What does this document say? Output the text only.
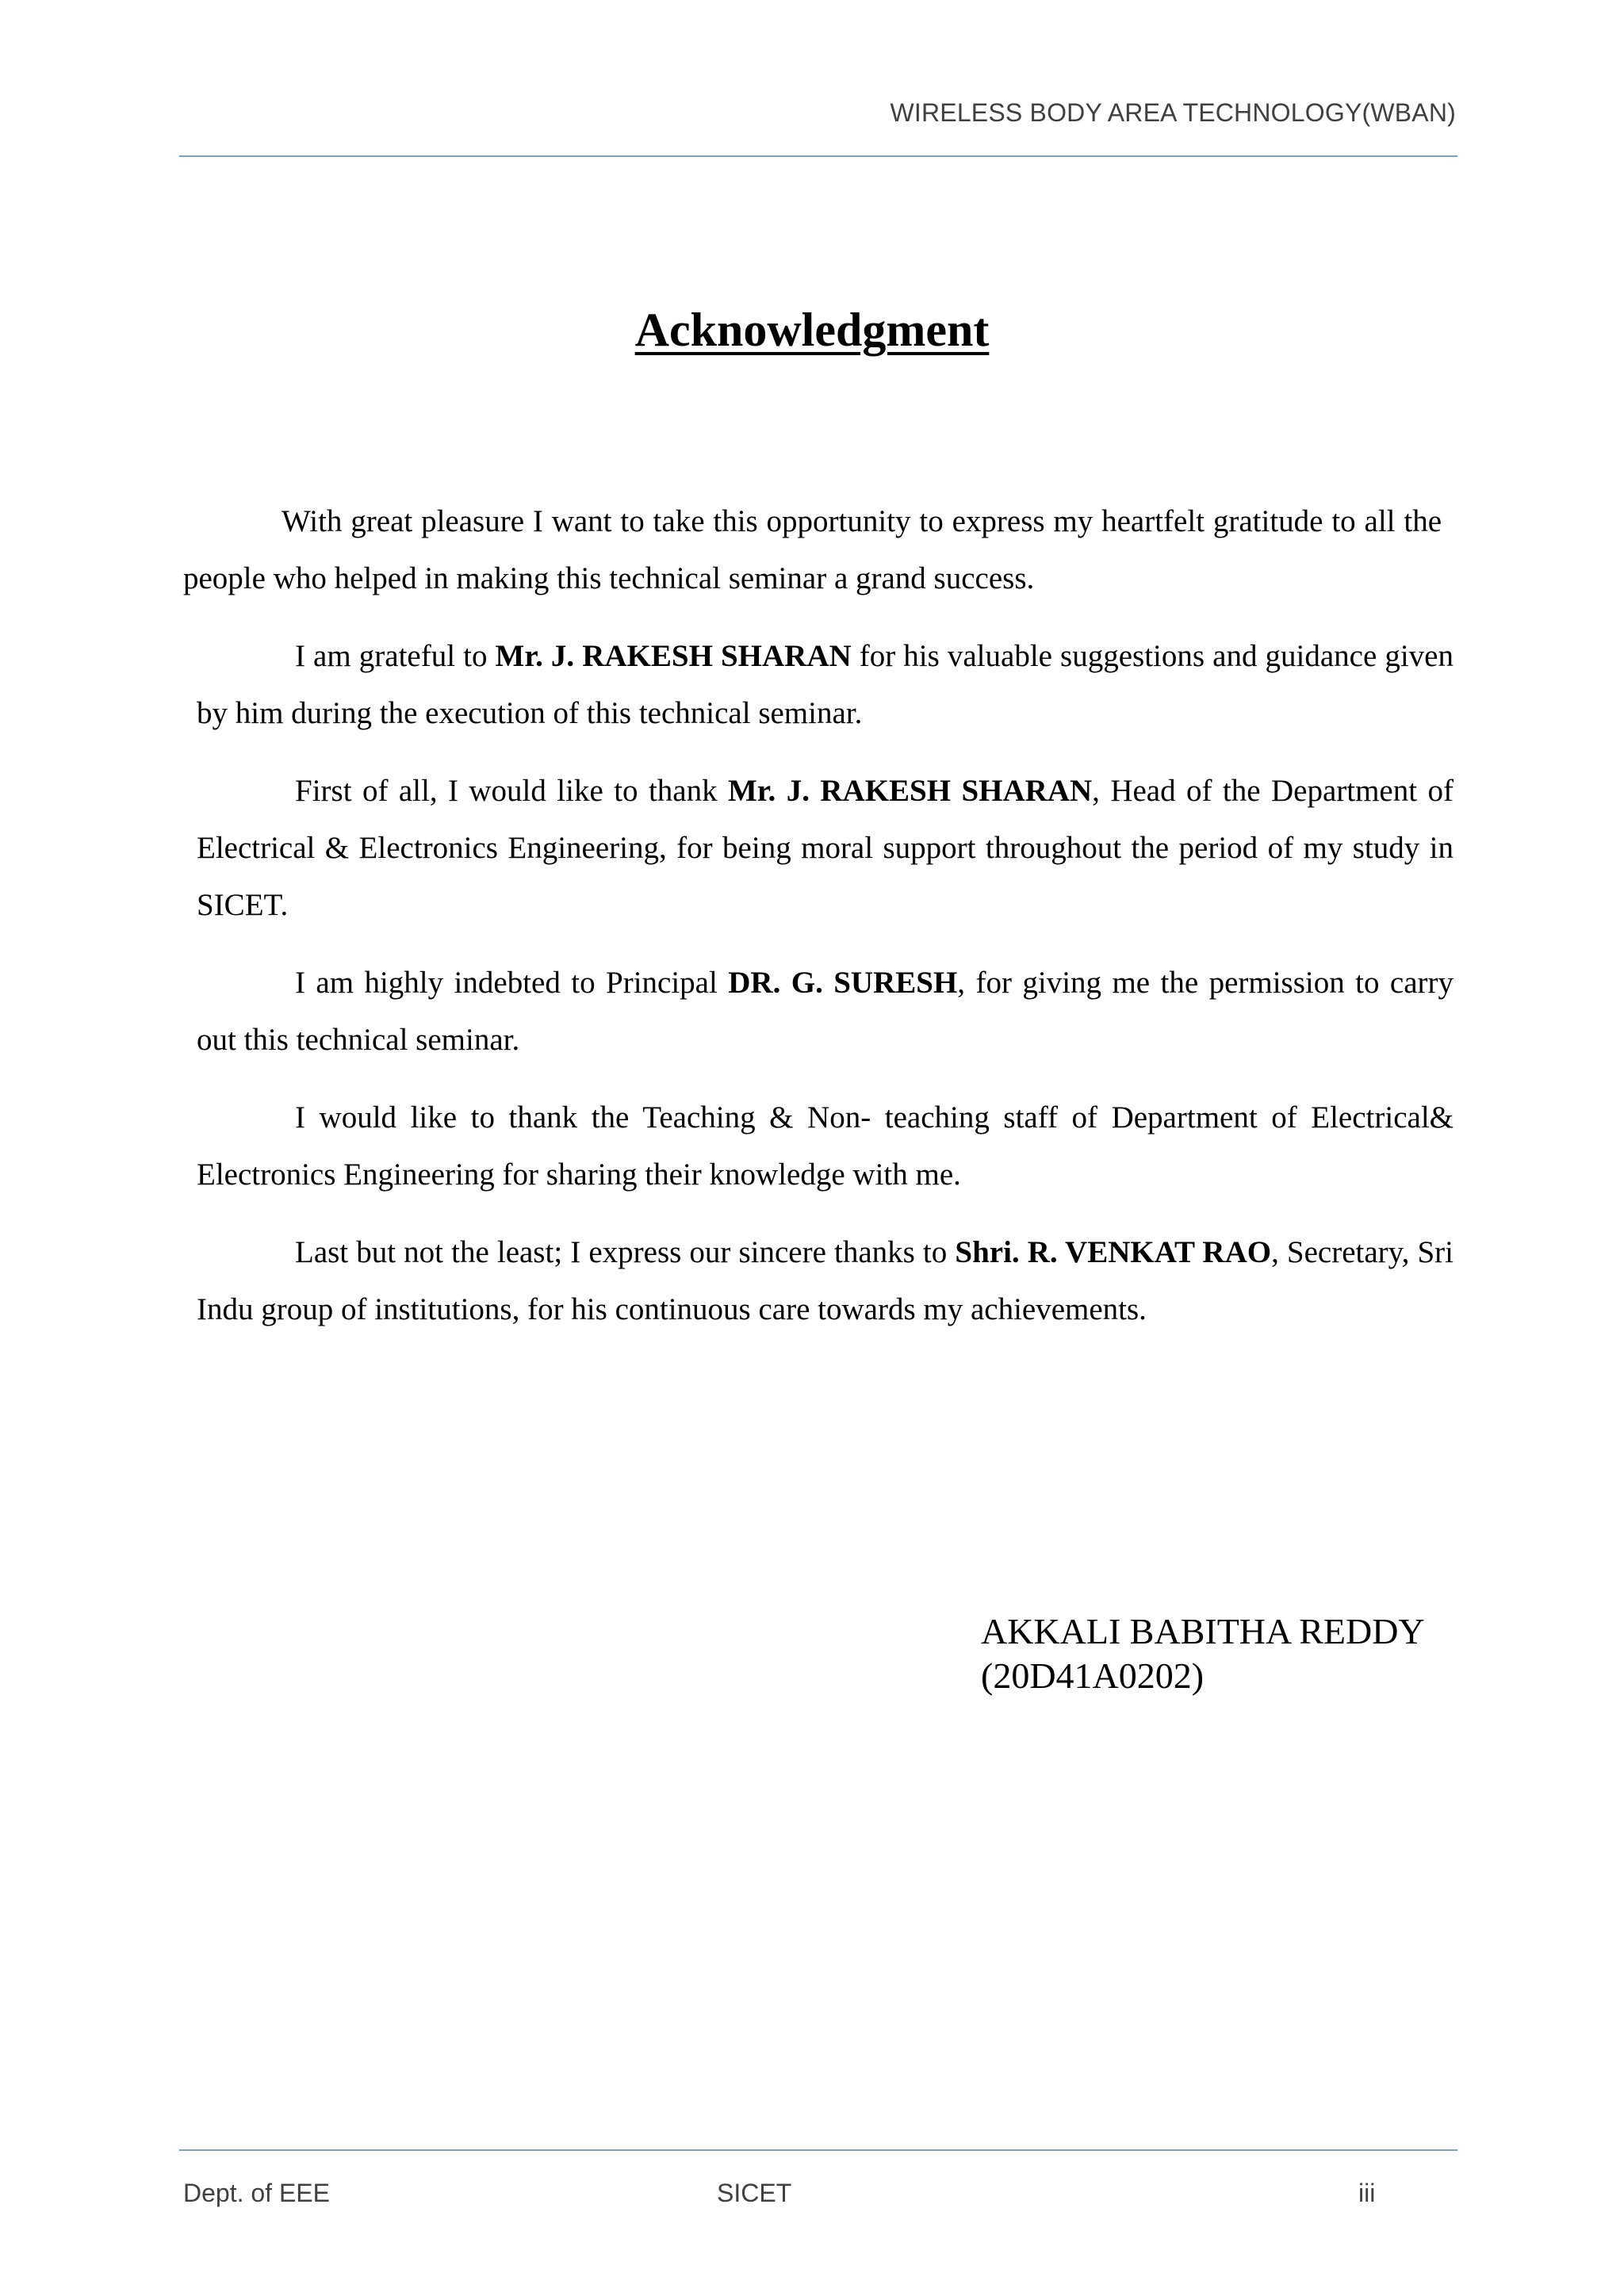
WIRELESS BODY AREA TECHNOLOGY(WBAN)
Acknowledgment

With great pleasure I want to take this opportunity to express my heartfelt gratitude to all the people who helped in making this technical seminar a grand success.

I am grateful to Mr. J. RAKESH SHARAN for his valuable suggestions and guidance given by him during the execution of this technical seminar.

First of all, I would like to thank Mr. J. RAKESH SHARAN, Head of the Department of Electrical & Electronics Engineering, for being moral support throughout the period of my study in SICET.

I am highly indebted to Principal DR. G. SURESH, for giving me the permission to carry out this technical seminar.

I would like to thank the Teaching & Non- teaching staff of Department of Electrical& Electronics Engineering for sharing their knowledge with me.

Last but not the least; I express our sincere thanks to Shri. R. VENKAT RAO, Secretary, Sri Indu group of institutions, for his continuous care towards my achievements.

AKKALI BABITHA REDDY
(20D41A0202)
Dept. of EEE	SICET	iii
